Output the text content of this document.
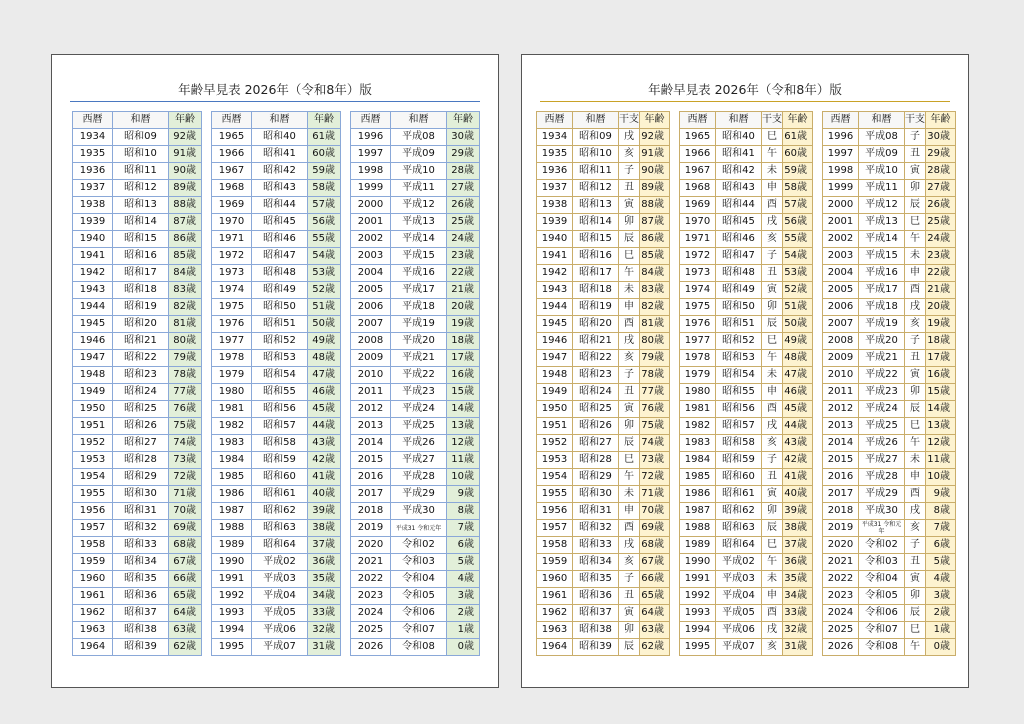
年齢早見表 2026年（令和8年）版
西暦	和暦	年齢
1934	昭和09	92歳
1935	昭和10	91歳
1936	昭和11	90歳
1937	昭和12	89歳
1938	昭和13	88歳
1939	昭和14	87歳
1940	昭和15	86歳
1941	昭和16	85歳
1942	昭和17	84歳
1943	昭和18	83歳
1944	昭和19	82歳
1945	昭和20	81歳
1946	昭和21	80歳
1947	昭和22	79歳
1948	昭和23	78歳
1949	昭和24	77歳
1950	昭和25	76歳
1951	昭和26	75歳
1952	昭和27	74歳
1953	昭和28	73歳
1954	昭和29	72歳
1955	昭和30	71歳
1956	昭和31	70歳
1957	昭和32	69歳
1958	昭和33	68歳
1959	昭和34	67歳
1960	昭和35	66歳
1961	昭和36	65歳
1962	昭和37	64歳
1963	昭和38	63歳
1964	昭和39	62歳
西暦	和暦	年齢
1965	昭和40	61歳
1966	昭和41	60歳
1967	昭和42	59歳
1968	昭和43	58歳
1969	昭和44	57歳
1970	昭和45	56歳
1971	昭和46	55歳
1972	昭和47	54歳
1973	昭和48	53歳
1974	昭和49	52歳
1975	昭和50	51歳
1976	昭和51	50歳
1977	昭和52	49歳
1978	昭和53	48歳
1979	昭和54	47歳
1980	昭和55	46歳
1981	昭和56	45歳
1982	昭和57	44歳
1983	昭和58	43歳
1984	昭和59	42歳
1985	昭和60	41歳
1986	昭和61	40歳
1987	昭和62	39歳
1988	昭和63	38歳
1989	昭和64	37歳
1990	平成02	36歳
1991	平成03	35歳
1992	平成04	34歳
1993	平成05	33歳
1994	平成06	32歳
1995	平成07	31歳
西暦	和暦	年齢
1996	平成08	30歳
1997	平成09	29歳
1998	平成10	28歳
1999	平成11	27歳
2000	平成12	26歳
2001	平成13	25歳
2002	平成14	24歳
2003	平成15	23歳
2004	平成16	22歳
2005	平成17	21歳
2006	平成18	20歳
2007	平成19	19歳
2008	平成20	18歳
2009	平成21	17歳
2010	平成22	16歳
2011	平成23	15歳
2012	平成24	14歳
2013	平成25	13歳
2014	平成26	12歳
2015	平成27	11歳
2016	平成28	10歳
2017	平成29	9歳
2018	平成30	8歳
2019	平成31 令和元年	7歳
2020	令和02	6歳
2021	令和03	5歳
2022	令和04	4歳
2023	令和05	3歳
2024	令和06	2歳
2025	令和07	1歳
2026	令和08	0歳
年齢早見表 2026年（令和8年）版
西暦	和暦	干支	年齢
1934	昭和09	戌	92歳
1935	昭和10	亥	91歳
1936	昭和11	子	90歳
1937	昭和12	丑	89歳
1938	昭和13	寅	88歳
1939	昭和14	卯	87歳
1940	昭和15	辰	86歳
1941	昭和16	巳	85歳
1942	昭和17	午	84歳
1943	昭和18	未	83歳
1944	昭和19	申	82歳
1945	昭和20	酉	81歳
1946	昭和21	戌	80歳
1947	昭和22	亥	79歳
1948	昭和23	子	78歳
1949	昭和24	丑	77歳
1950	昭和25	寅	76歳
1951	昭和26	卯	75歳
1952	昭和27	辰	74歳
1953	昭和28	巳	73歳
1954	昭和29	午	72歳
1955	昭和30	未	71歳
1956	昭和31	申	70歳
1957	昭和32	酉	69歳
1958	昭和33	戌	68歳
1959	昭和34	亥	67歳
1960	昭和35	子	66歳
1961	昭和36	丑	65歳
1962	昭和37	寅	64歳
1963	昭和38	卯	63歳
1964	昭和39	辰	62歳
西暦	和暦	干支	年齢
1965	昭和40	巳	61歳
1966	昭和41	午	60歳
1967	昭和42	未	59歳
1968	昭和43	申	58歳
1969	昭和44	酉	57歳
1970	昭和45	戌	56歳
1971	昭和46	亥	55歳
1972	昭和47	子	54歳
1973	昭和48	丑	53歳
1974	昭和49	寅	52歳
1975	昭和50	卯	51歳
1976	昭和51	辰	50歳
1977	昭和52	巳	49歳
1978	昭和53	午	48歳
1979	昭和54	未	47歳
1980	昭和55	申	46歳
1981	昭和56	酉	45歳
1982	昭和57	戌	44歳
1983	昭和58	亥	43歳
1984	昭和59	子	42歳
1985	昭和60	丑	41歳
1986	昭和61	寅	40歳
1987	昭和62	卯	39歳
1988	昭和63	辰	38歳
1989	昭和64	巳	37歳
1990	平成02	午	36歳
1991	平成03	未	35歳
1992	平成04	申	34歳
1993	平成05	酉	33歳
1994	平成06	戌	32歳
1995	平成07	亥	31歳
西暦	和暦	干支	年齢
1996	平成08	子	30歳
1997	平成09	丑	29歳
1998	平成10	寅	28歳
1999	平成11	卯	27歳
2000	平成12	辰	26歳
2001	平成13	巳	25歳
2002	平成14	午	24歳
2003	平成15	未	23歳
2004	平成16	申	22歳
2005	平成17	酉	21歳
2006	平成18	戌	20歳
2007	平成19	亥	19歳
2008	平成20	子	18歳
2009	平成21	丑	17歳
2010	平成22	寅	16歳
2011	平成23	卯	15歳
2012	平成24	辰	14歳
2013	平成25	巳	13歳
2014	平成26	午	12歳
2015	平成27	未	11歳
2016	平成28	申	10歳
2017	平成29	酉	9歳
2018	平成30	戌	8歳
2019	平成31 令和元年	亥	7歳
2020	令和02	子	6歳
2021	令和03	丑	5歳
2022	令和04	寅	4歳
2023	令和05	卯	3歳
2024	令和06	辰	2歳
2025	令和07	巳	1歳
2026	令和08	午	0歳
